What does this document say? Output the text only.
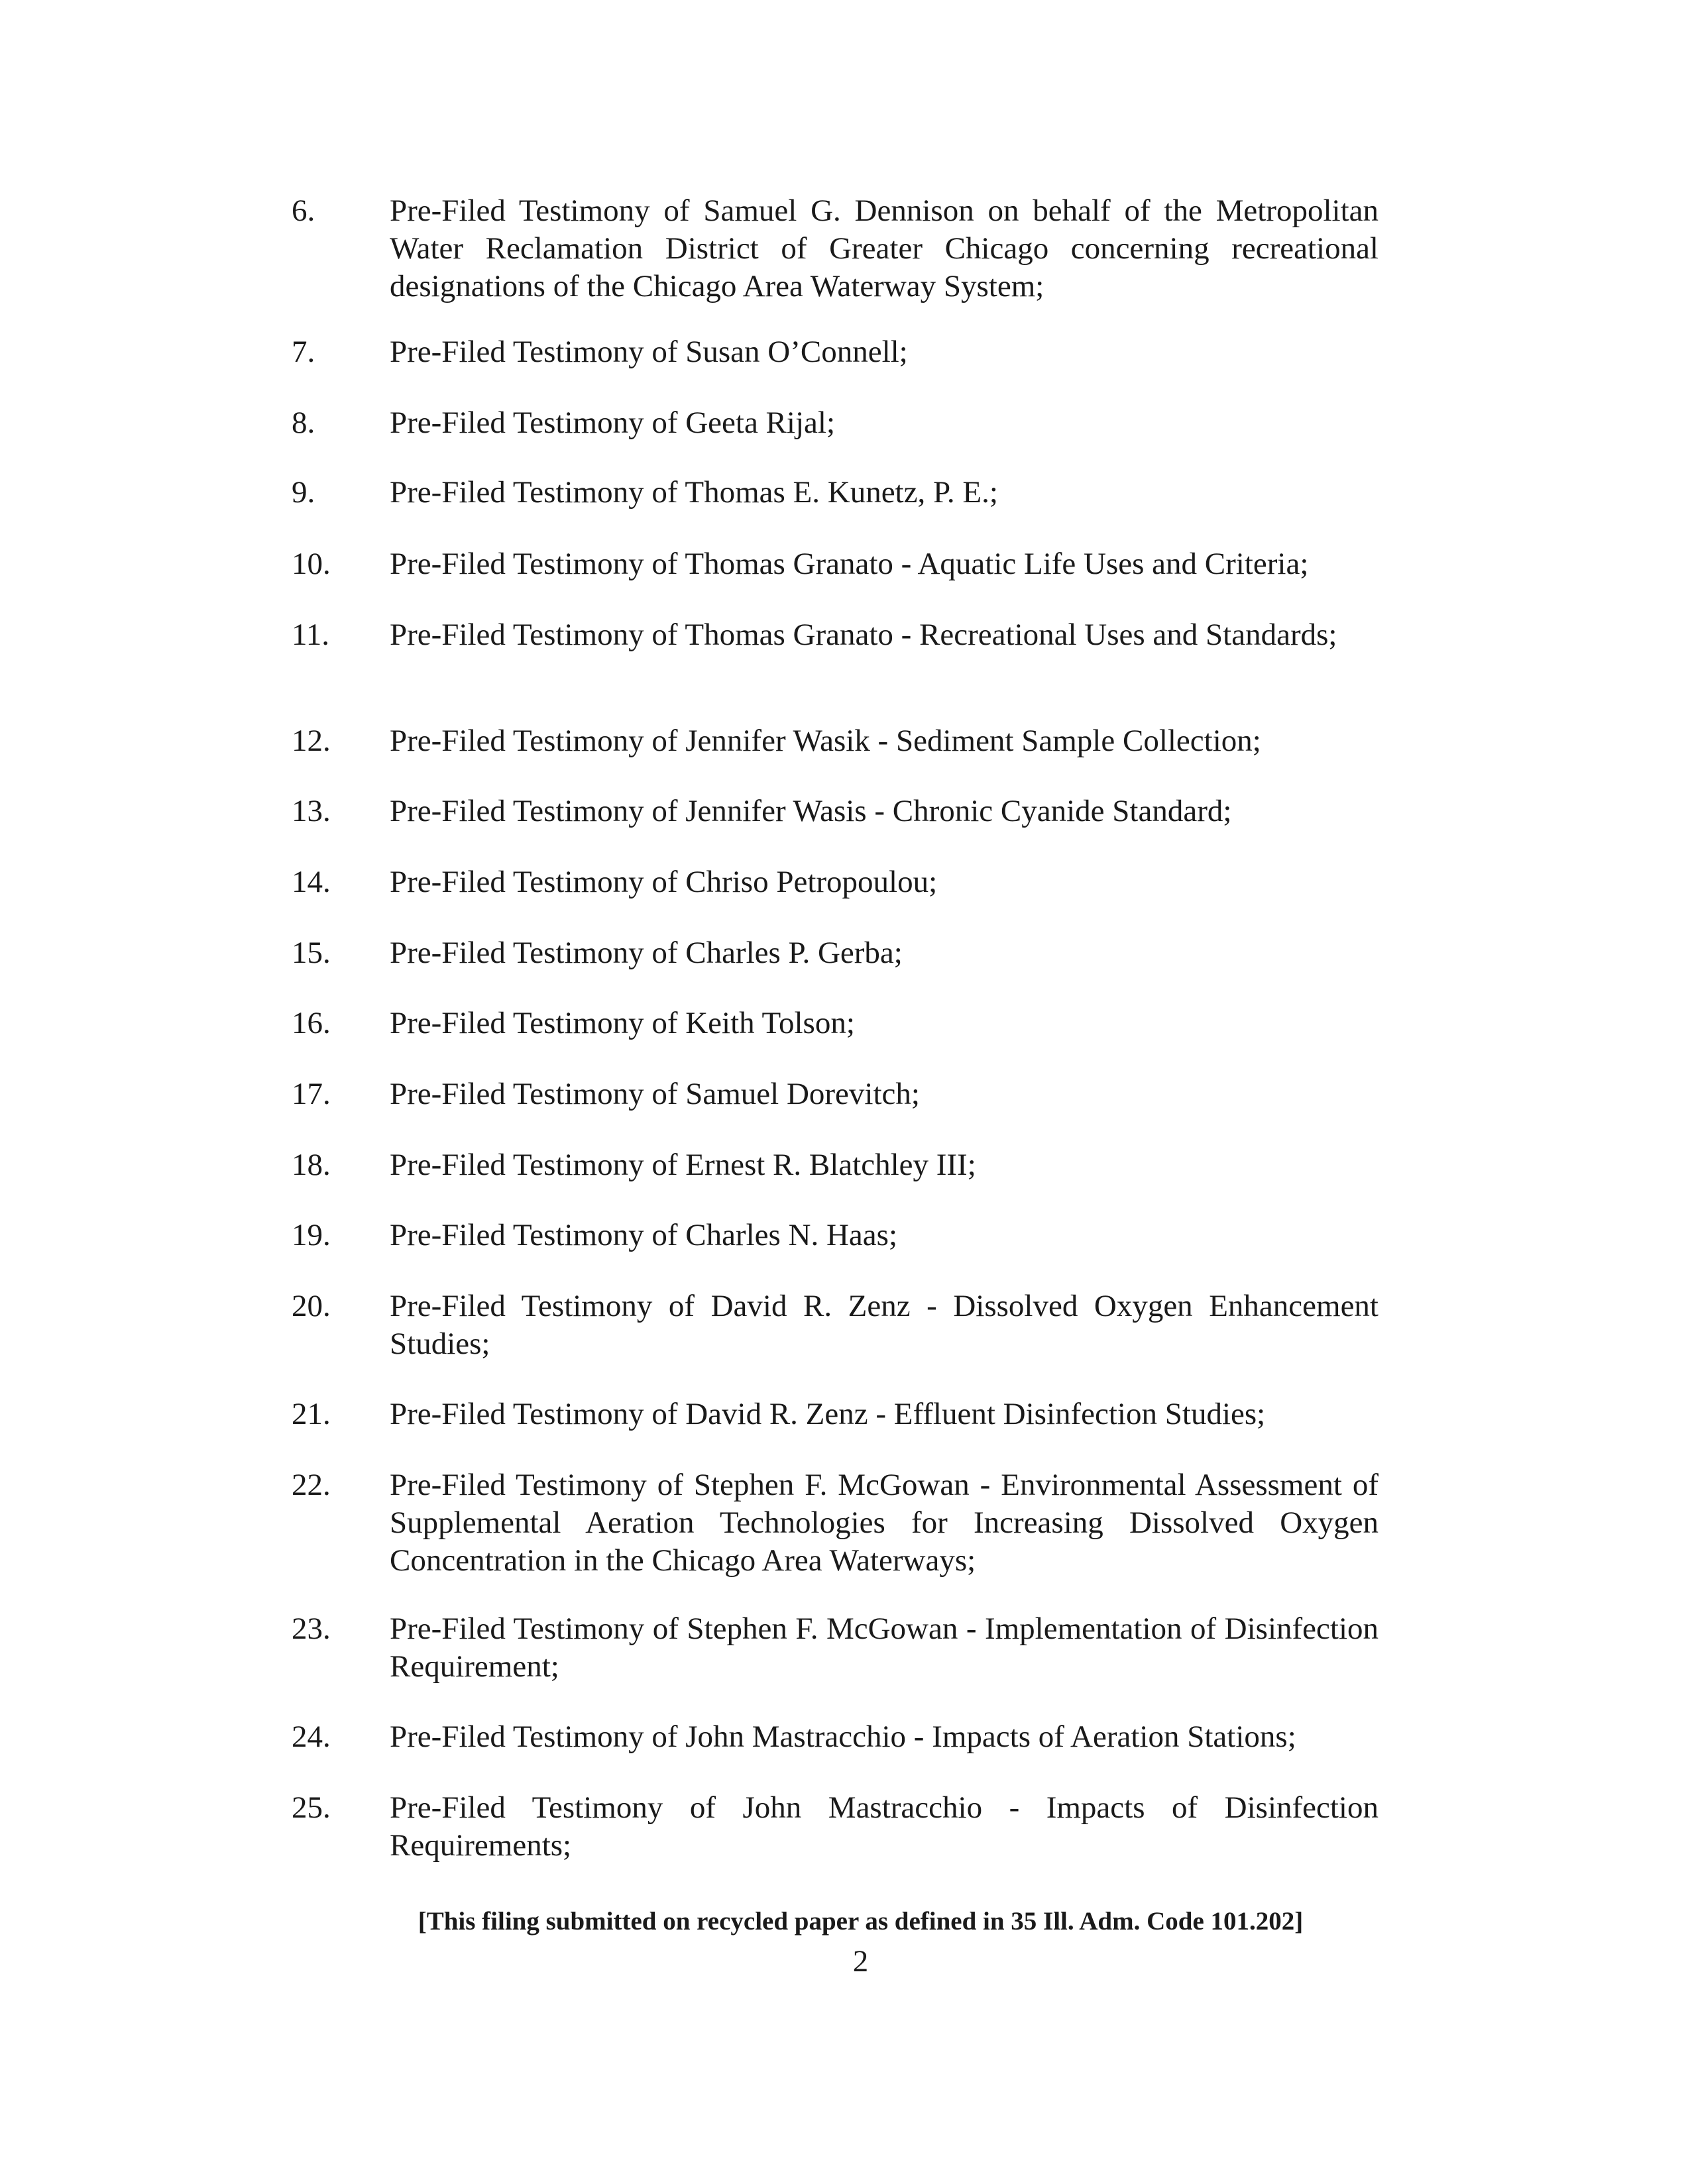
6.	Pre-Filed Testimony of Samuel G. Dennison on behalf of the Metropolitan Water Reclamation District of Greater Chicago concerning recreational designations of the Chicago Area Waterway System;
7.	Pre-Filed Testimony of Susan O’Connell;
8.	Pre-Filed Testimony of Geeta Rijal;
9.	Pre-Filed Testimony of Thomas E. Kunetz, P. E.;
10.	Pre-Filed Testimony of Thomas Granato - Aquatic Life Uses and Criteria;
11.	Pre-Filed Testimony of Thomas Granato - Recreational Uses and Standards;
12.	Pre-Filed Testimony of Jennifer Wasik - Sediment Sample Collection;
13.	Pre-Filed Testimony of Jennifer Wasis - Chronic Cyanide Standard;
14.	Pre-Filed Testimony of Chriso Petropoulou;
15.	Pre-Filed Testimony of Charles P. Gerba;
16.	Pre-Filed Testimony of Keith Tolson;
17.	Pre-Filed Testimony of Samuel Dorevitch;
18.	Pre-Filed Testimony of Ernest R. Blatchley III;
19.	Pre-Filed Testimony of Charles N. Haas;
20.	Pre-Filed Testimony of David R. Zenz - Dissolved Oxygen Enhancement Studies;
21.	Pre-Filed Testimony of David R. Zenz - Effluent Disinfection Studies;
22.	Pre-Filed Testimony of Stephen F. McGowan - Environmental Assessment of Supplemental Aeration Technologies for Increasing Dissolved Oxygen Concentration in the Chicago Area Waterways;
23.	Pre-Filed Testimony of Stephen F. McGowan - Implementation of Disinfection Requirement;
24.	Pre-Filed Testimony of John Mastracchio - Impacts of Aeration Stations;
25.	Pre-Filed Testimony of John Mastracchio - Impacts of Disinfection Requirements;
[This filing submitted on recycled paper as defined in 35 Ill. Adm. Code 101.202]
2
